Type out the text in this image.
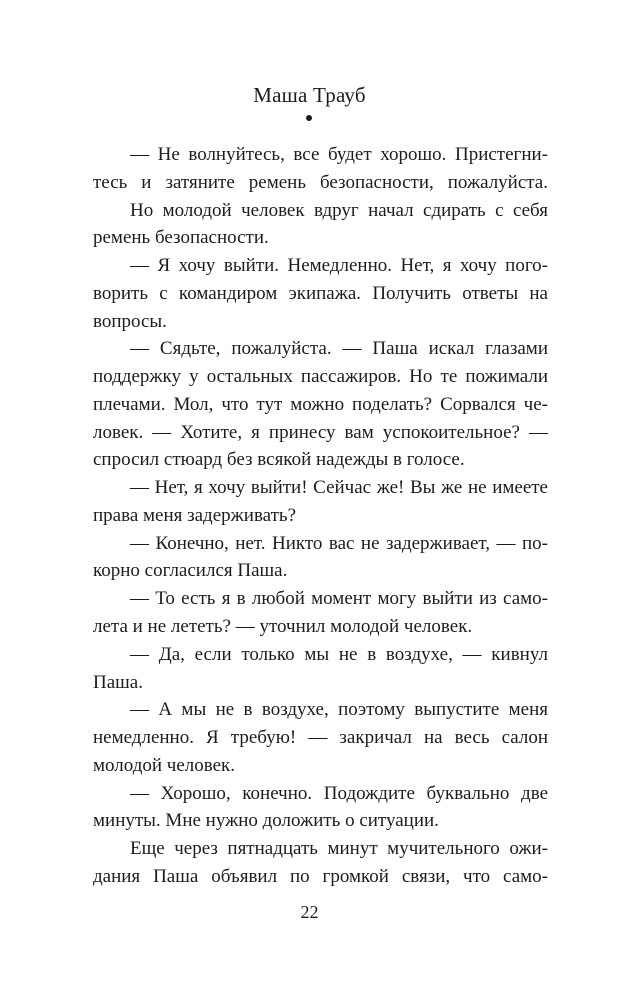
Маша Трауб
— Не волнуйтесь, все будет хорошо. Пристегни-
тесь и затяните ремень безопасности, пожалуйста.
Но молодой человек вдруг начал сдирать с себя
ремень безопасности.
— Я хочу выйти. Немедленно. Нет, я хочу пого-
ворить с командиром экипажа. Получить ответы на
вопросы.
— Сядьте, пожалуйста. — Паша искал глазами
поддержку у остальных пассажиров. Но те пожимали
плечами. Мол, что тут можно поделать? Сорвался че-
ловек. — Хотите, я принесу вам успокоительное? —
спросил стюард без всякой надежды в голосе.
— Нет, я хочу выйти! Сейчас же! Вы же не имеете
права меня задерживать?
— Конечно, нет. Никто вас не задерживает, — по-
корно согласился Паша.
— То есть я в любой момент могу выйти из само-
лета и не лететь? — уточнил молодой человек.
— Да, если только мы не в воздухе, — кивнул
Паша.
— А мы не в воздухе, поэтому выпустите меня
немедленно. Я требую! — закричал на весь салон
молодой человек.
— Хорошо, конечно. Подождите буквально две
минуты. Мне нужно доложить о ситуации.
Еще через пятнадцать минут мучительного ожи-
дания Паша объявил по громкой связи, что само-
22
